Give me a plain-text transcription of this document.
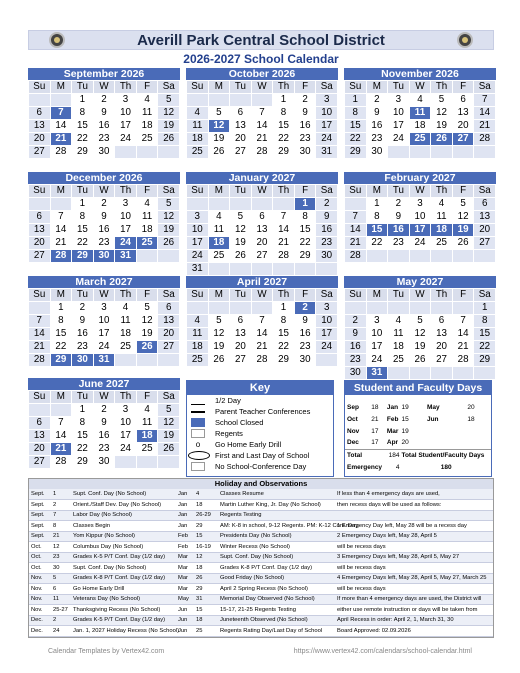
Averill Park Central School District
2026-2027 School Calendar
September 2026
Su	M	Tu	W	Th	F	Sa
		1	2	3	4	5
6	7	8	9	10	11	12
13	14	15	16	17	18	19
20	21	22	23	24	25	26
27	28	29	30			
October 2026
Su	M	Tu	W	Th	F	Sa
				1	2	3
4	5	6	7	8	9	10
11	12	13	14	15	16	17
18	19	20	21	22	23	24
25	26	27	28	29	30	31
November 2026
Su	M	Tu	W	Th	F	Sa
1	2	3	4	5	6	7
8	9	10	11	12	13	14
15	16	17	18	19	20	21
22	23	24	25	26	27	28
29	30					
December 2026
Su	M	Tu	W	Th	F	Sa
		1	2	3	4	5
6	7	8	9	10	11	12
13	14	15	16	17	18	19
20	21	22	23	24	25	26
27	28	29	30	31		
January 2027
Su	M	Tu	W	Th	F	Sa
					1	2
3	4	5	6	7	8	9
10	11	12	13	14	15	16
17	18	19	20	21	22	23
24	25	26	27	28	29	30
31						
February 2027
Su	M	Tu	W	Th	F	Sa
	1	2	3	4	5	6
7	8	9	10	11	12	13
14	15	16	17	18	19	20
21	22	23	24	25	26	27
28						
March 2027
Su	M	Tu	W	Th	F	Sa
	1	2	3	4	5	6
7	8	9	10	11	12	13
14	15	16	17	18	19	20
21	22	23	24	25	26	27
28	29	30	31			
April 2027
Su	M	Tu	W	Th	F	Sa
				1	2	3
4	5	6	7	8	9	10
11	12	13	14	15	16	17
18	19	20	21	22	23	24
25	26	27	28	29	30	
May 2027
Su	M	Tu	W	Th	F	Sa
						1
2	3	4	5	6	7	8
9	10	11	12	13	14	15
16	17	18	19	20	21	22
23	24	25	26	27	28	29
30	31					
June 2027
Su	M	Tu	W	Th	F	Sa
		1	2	3	4	5
6	7	8	9	10	11	12
13	14	15	16	17	18	19
20	21	22	23	24	25	26
27	28	29	30			
Key
1/2 Day
Parent Teacher Conferences
School Closed
Regents
o	Go Home Early Drill
First and Last Day of School
No School-Conference Day
Student and Faculty Days
Sep	18	Jan	19	May	20
Oct	21	Feb	15	Jun	18
Nov	17	Mar	19		
Dec	17	Apr	20		
Total		184	Total Student/Faculty Days		
Emergency		4	180		
Holiday and Observations
Sept.	1	Supt. Conf. Day (No School)	Jan	4	Classes Resume	If less than 4 emergency days are used,
Sept.	2	Orient./Staff Dev. Day (No School)	Jan	18	Martin Luther King, Jr. Day (No School)	then recess days will be used as follows:
Sept.	7	Labor Day (No School)	Jan	26-29	Regents Testing	
Sept.	8	Classes Begin	Jan	29	AM: K-8 in school, 9-12 Regents. PM: K-12 Conf. Day	1 Emergency Day left, May 28 will be a recess day
Sept.	21	Yom Kippur (No School)	Feb	15	Presidents Day (No School)	2 Emergency Days left, May 28, April 5
Oct.	12	Columbus Day (No School)	Feb	16-19	Winter Recess (No School)	will be recess days
Oct.	23	Grades K-5 P/T Conf. Day (1/2 day)	Mar	12	Supt. Conf. Day (No School)	3 Emergency Days left, May 28, April 5, May 27
Oct.	30	Supt. Conf. Day (No School)	Mar	18	Grades K-8 P/T Conf. Day (1/2 day)	will be recess days
Nov.	5	Grades K-8 P/T Conf. Day (1/2 day)	Mar	26	Good Friday (No School)	4 Emergency Days left, May 28, April 5, May 27, March 25
Nov.	6	Go Home Early Drill	Mar	29	April 2 Spring Recess (No School)	will be recess days
Nov.	11	Veterans Day (No School)	May	31	Memorial Day Observed (No School)	If more than 4 emergency days are used, the District will
Nov.	25-27	Thanksgiving Recess (No School)	Jun	15	15-17, 21-25 Regents Testing	either use remote instruction or days will be taken from
Dec.	2	Grades K-5 P/T Conf. Day (1/2 day)	Jun	18	Juneteenth Observed (No School)	April Recess in order: April 2, 1, March 31, 30
Dec.	24	Jan. 1, 2027 Holiday Recess (No School)	Jun	25	Regents Rating Day/Last Day of School	Board Approved: 02.09.2026
Calendar Templates by Vertex42.com	https://www.vertex42.com/calendars/school-calendar.html
